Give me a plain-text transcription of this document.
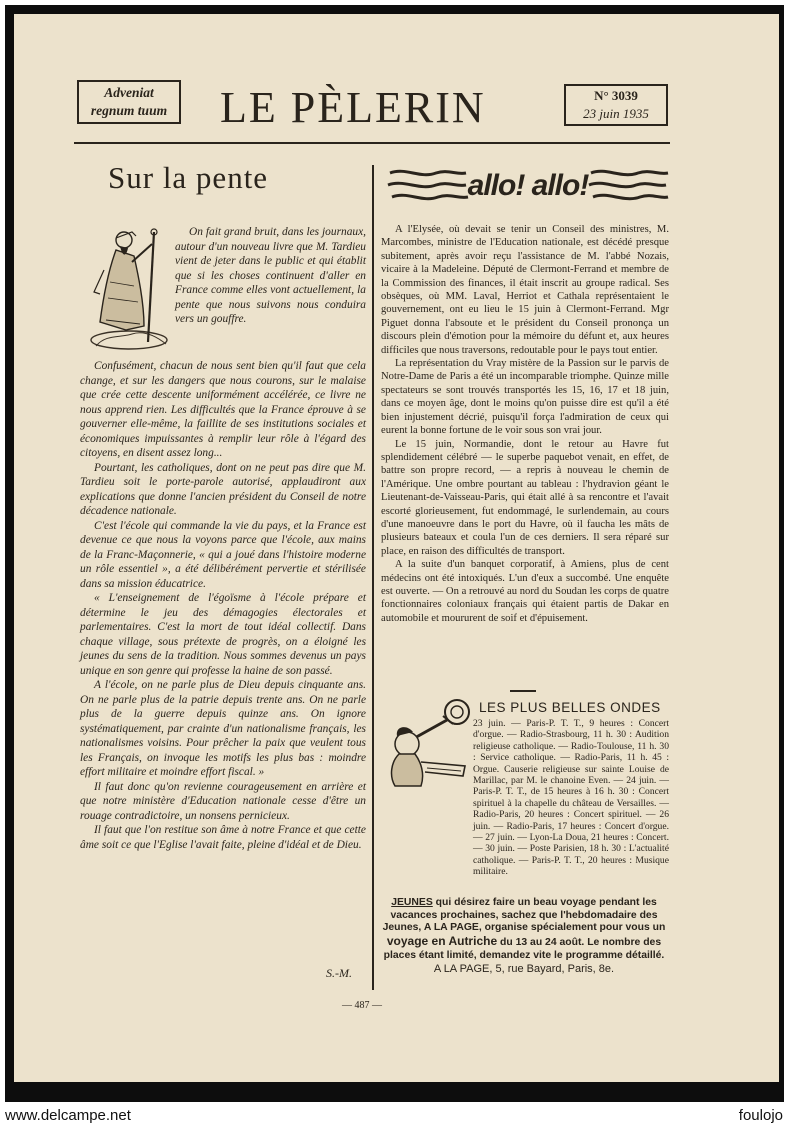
Adveniat
regnum tuum LE PÈLERIN	N° 3039
23 juin 1935
Sur la pente

On fait grand bruit, dans les journaux, autour d'un nouveau livre que M. Tardieu vient de jeter dans le public et qui établit que si les choses continuent d'aller en France comme elles vont actuellement, la pente que nous suivons nous conduira vers un gouffre.

Confusément, chacun de nous sent bien qu'il faut que cela change, et sur les dangers que nous courons, sur le malaise que crée cette descente uniformément accélérée, ce livre ne nous apprend rien. Les difficultés que la France éprouve à se gouverner elle-même, la faillite de ses institutions sociales et économiques impuissantes à remplir leur rôle à l'égard des citoyens, en disent assez long...

Pourtant, les catholiques, dont on ne peut pas dire que M. Tardieu soit le porte-parole autorisé, applaudiront aux explications que donne l'ancien président du Conseil de notre décadence nationale.

C'est l'école qui commande la vie du pays, et la France est devenue ce que nous la voyons parce que l'école, aux mains de la Franc-Maçonnerie, « qui a joué dans l'histoire moderne un rôle essentiel », a été délibérément pervertie et stérilisée dans sa mission éducatrice.

« L'enseignement de l'égoïsme à l'école prépare et détermine le jeu des démagogies électorales et parlementaires. C'est la mort de tout idéal collectif. Dans chaque village, sous prétexte de progrès, on a éloigné les jeunes du sens de la tradition. Nous sommes devenus un pays unique en son genre qui professe la haine de son passé.

A l'école, on ne parle plus de Dieu depuis cinquante ans. On ne parle plus de la patrie depuis trente ans. On ne parle plus de la guerre depuis quinze ans. On ignore systématiquement, par crainte d'un nationalisme français, les nationalismes voisins. Pour prêcher la paix que veulent tous les Français, on invoque les motifs les plus bas : moindre effort militaire et moindre effort fiscal. »

Il faut donc qu'on revienne courageusement en arrière et que notre ministère d'Education nationale cesse d'être un rouage contradictoire, un nonsens pernicieux.

Il faut que l'on restitue son âme à notre France et que cette âme soit ce que l'Eglise l'avait faite, pleine d'idéal et de Dieu.

S.-M.
allo! allo!

A l'Elysée, où devait se tenir un Conseil des ministres, M. Marcombes, ministre de l'Education nationale, est décédé presque subitement, après avoir reçu l'assistance de M. l'abbé Nozais, vicaire à la Madeleine. Député de Clermont-Ferrand et membre de la Commission des finances, il était inscrit au groupe radical. Ses obsèques, où MM. Laval, Herriot et Cathala représentaient le gouvernement, ont eu lieu le 15 juin à Clermont-Ferrand. Mgr Piguet donna l'absoute et le président du Conseil prononça un discours plein d'émotion pour la mémoire du défunt et, aux heures difficiles que nous traversons, redoutable pour le pays tout entier.

La représentation du Vray mistère de la Passion sur le parvis de Notre-Dame de Paris a été un incomparable triomphe. Quinze mille spectateurs se sont trouvés transportés les 15, 16, 17 et 18 juin, dans ce moyen âge, dont le moins qu'on puisse dire est qu'il a été bien injustement décrié, puisqu'il força l'admiration de ceux qui eurent la bonne fortune de le voir sous son vrai jour.

Le 15 juin, Normandie, dont le retour au Havre fut splendidement célébré — le superbe paquebot venait, en effet, de battre son propre record, — a repris à nouveau le chemin de l'Amérique. Une ombre pourtant au tableau : l'hydravion géant le Lieutenant-de-Vaisseau-Paris, qui était allé à sa rencontre et l'avait escorté glorieusement, fut endommagé, le surlendemain, au cours d'une manoeuvre dans le port du Havre, où il faucha les mâts de plusieurs bateaux et coula l'un de ces derniers. Il sera réparé sur place, en raison des difficultés de transport.

A la suite d'un banquet corporatif, à Amiens, plus de cent médecins ont été intoxiqués. L'un d'eux a succombé. Une enquête est ouverte. — On a retrouvé au nord du Soudan les corps de quatre fonctionnaires coloniaux français qui étaient partis de Dakar en automobile et moururent de soif et d'épuisement.

LES PLUS BELLES ONDES

23 juin. — Paris-P. T. T., 9 heures : Concert d'orgue. — Radio-Strasbourg, 11 h. 30 : Audition religieuse catholique. — Radio-Toulouse, 11 h. 30 : Service catholique. — Radio-Paris, 11 h. 45 : Orgue. Causerie religieuse sur sainte Louise de Marillac, par M. le chanoine Even. — 24 juin. — Paris-P. T. T., de 15 heures à 16 h. 30 : Concert spirituel à la chapelle du château de Versailles. — Radio-Paris, 20 heures : Concert spirituel. — 26 juin. — Radio-Paris, 17 heures : Concert d'orgue. — 27 juin. — Lyon-La Doua, 21 heures : Concert. — 30 juin. — Poste Parisien, 18 h. 30 : L'actualité catholique. — Paris-P. T. T., 20 heures : Musique militaire.

JEUNES qui désirez faire un beau voyage pendant les vacances prochaines, sachez que l'hebdomadaire des Jeunes, A LA PAGE, organise spécialement pour vous un voyage en Autriche du 13 au 24 août. Le nombre des places étant limité, demandez vite le programme détaillé.
A LA PAGE, 5, rue Bayard, Paris, 8e.
— 487 —
www.delcampe.net	foulojo
